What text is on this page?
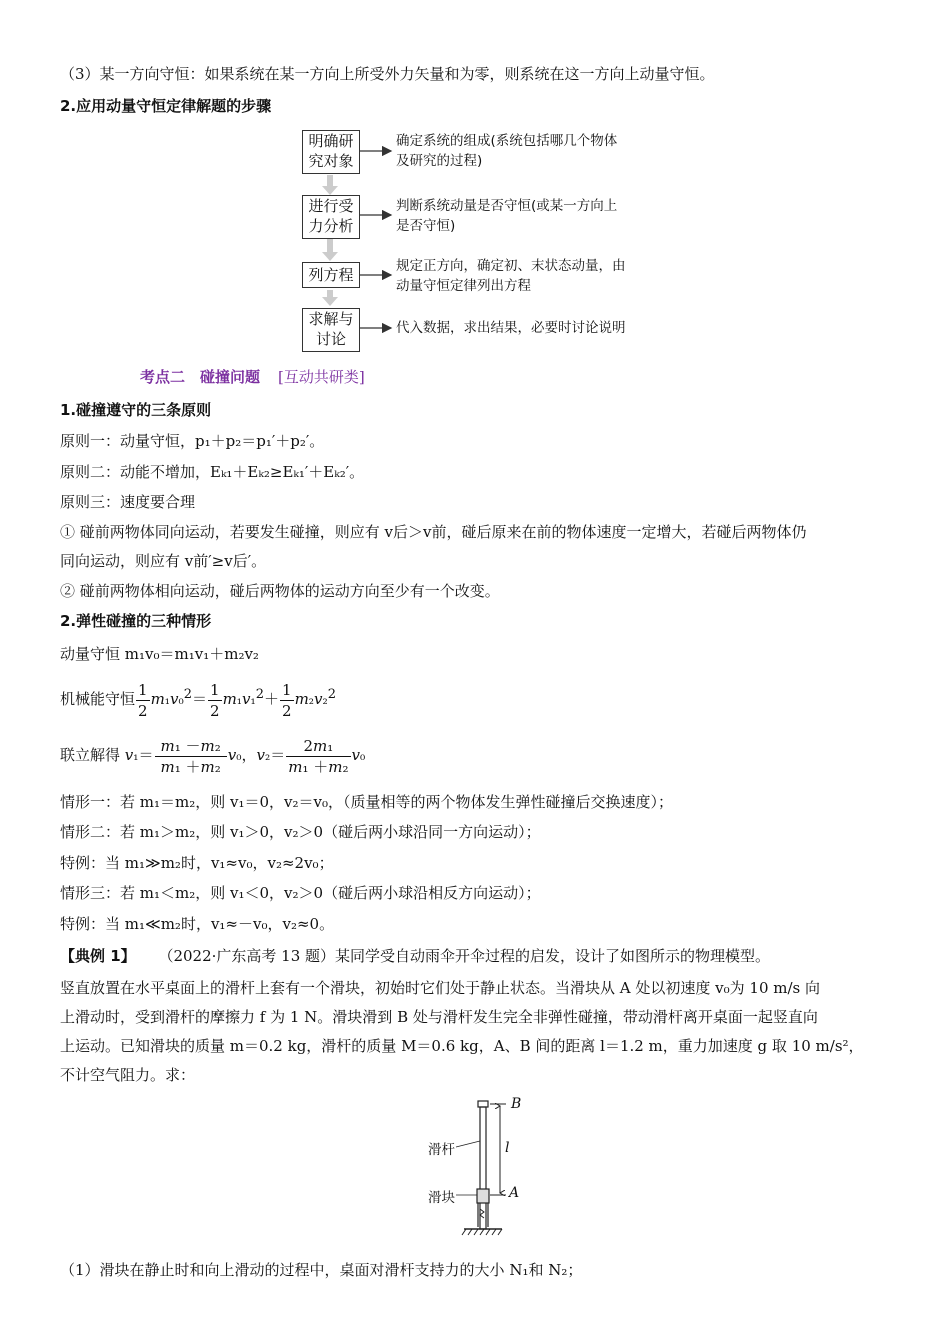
（3）某一方向守恒：如果系统在某一方向上所受外力矢量和为零，则系统在这一方向上动量守恒。
2.应用动量守恒定律解题的步骤
明确研
究对象
确定系统的组成(系统包括哪几个物体
及研究的过程)
进行受
力分析
判断系统动量是否守恒(或某一方向上
是否守恒)
列方程	规定正方向，确定初、末状态动量，由
动量守恒定律列出方程
求解与
讨论
代入数据，求出结果，必要时讨论说明
考点二　碰撞问题 [互动共研类]
1.碰撞遵守的三条原则
原则一：动量守恒，p₁＋p₂＝p₁′＋p₂′。
原则二：动能不增加，Eₖ₁＋Eₖ₂≥Eₖ₁′＋Eₖ₂′。
原则三：速度要合理
① 碰前两物体同向运动，若要发生碰撞，则应有 v后＞v前，碰后原来在前的物体速度一定增大，若碰后两物体仍
同向运动，则应有 v前′≥v后′。
② 碰前两物体相向运动，碰后两物体的运动方向至少有一个改变。
2.弹性碰撞的三种情形
动量守恒 m₁v₀＝m₁v₁＋m₂v₂
机械能守恒 $\frac{1}{2} m_1v_0^2= \frac{1}{2} m_1v_1^2+ \frac{1}{2} m_2v_2^2$
联立解得 $v_1= \frac{\text{m₁ －m₂}}{\text{m₁ ＋m₂}} v_0$，$v_2= \frac{\text{2m₁}}{\text{m₁ ＋m₂}} v_0$
情形一：若 m₁＝m₂，则 v₁＝0，v₂＝v₀，（质量相等的两个物体发生弹性碰撞后交换速度）；
情形二：若 m₁＞m₂，则 v₁＞0，v₂＞0（碰后两小球沿同一方向运动）；
特例：当 m₁≫m₂时，v₁≈v₀，v₂≈2v₀；
情形三：若 m₁＜m₂，则 v₁＜0，v₂＞0（碰后两小球沿相反方向运动）；
特例：当 m₁≪m₂时，v₁≈－v₀，v₂≈0。
【典例 1】 （2022·广东高考 13 题）某同学受自动雨伞开伞过程的启发，设计了如图所示的物理模型。
竖直放置在水平桌面上的滑杆上套有一个滑块，初始时它们处于静止状态。当滑块从 A 处以初速度 v₀为 10 m/s 向
上滑动时，受到滑杆的摩擦力 f 为 1 N。滑块滑到 B 处与滑杆发生完全非弹性碰撞，带动滑杆离开桌面一起竖直向
上运动。已知滑块的质量 m＝0.2 kg，滑杆的质量 M＝0.6 kg，A、B 间的距离 l＝1.2 m，重力加速度 g 取 10 m/s²，
不计空气阻力。求：
滑杆
滑块
B
A
l
（1）滑块在静止时和向上滑动的过程中，桌面对滑杆支持力的大小 N₁和 N₂；
